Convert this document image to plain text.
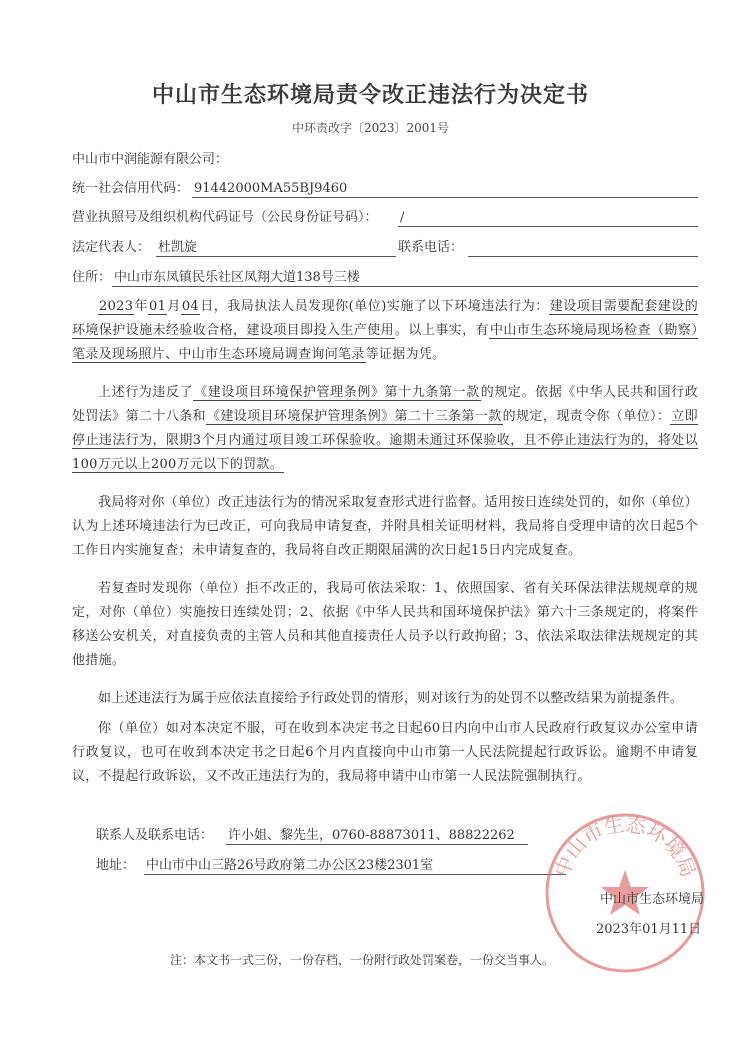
中山市生态环境局责令改正违法行为决定书
中环责改字〔2023〕2001号
中山市中润能源有限公司：
统一社会信用代码： 91442000MA55BJ9460
营业执照号及组织机构代码证号（公民身份证号码）： /
法定代表人： 杜凯旋	联系电话：
住所： 中山市东凤镇民乐社区凤翔大道138号三楼

2023年01月04日，我局执法人员发现你(单位)实施了以下环境违法行为：建设项目需要配套建设的环境保护设施未经验收合格，建设项目即投入生产使用。以上事实，有中山市生态环境局现场检查（勘察）笔录及现场照片、中山市生态环境局调查询问笔录等证据为凭。

上述行为违反了《建设项目环境保护管理条例》第十九条第一款的规定。依据《中华人民共和国行政处罚法》第二十八条和《建设项目环境保护管理条例》第二十三条第一款的规定，现责令你（单位）：立即停止违法行为，限期3个月内通过项目竣工环保验收。逾期未通过环保验收，且不停止违法行为的，将处以100万元以上200万元以下的罚款。

我局将对你（单位）改正违法行为的情况采取复查形式进行监督。适用按日连续处罚的，如你（单位）认为上述环境违法行为已改正，可向我局申请复查，并附具相关证明材料，我局将自受理申请的次日起5个工作日内实施复查；未申请复查的，我局将自改正期限届满的次日起15日内完成复查。

若复查时发现你（单位）拒不改正的，我局可依法采取：1、依照国家、省有关环保法律法规规章的规定，对你（单位）实施按日连续处罚；2、依据《中华人民共和国环境保护法》第六十三条规定的，将案件移送公安机关，对直接负责的主管人员和其他直接责任人员予以行政拘留；3、依法采取法律法规规定的其他措施。

如上述违法行为属于应依法直接给予行政处罚的情形，则对该行为的处罚不以整改结果为前提条件。

你（单位）如对本决定不服，可在收到本决定书之日起60日内向中山市人民政府行政复议办公室申请行政复议，也可在收到本决定书之日起6个月内直接向中山市第一人民法院提起行政诉讼。逾期不申请复议，不提起行政诉讼，又不改正违法行为的，我局将申请中山市第一人民法院强制执行。

联系人及联系电话： 许小姐、黎先生，0760-88873011、88822262
地址： 中山市中山三路26号政府第二办公区23楼2301室	中山市生态环境局
中山市生态环境局
2023年01月11日
注：本文书一式三份，一份存档，一份附行政处罚案卷，一份交当事人。
